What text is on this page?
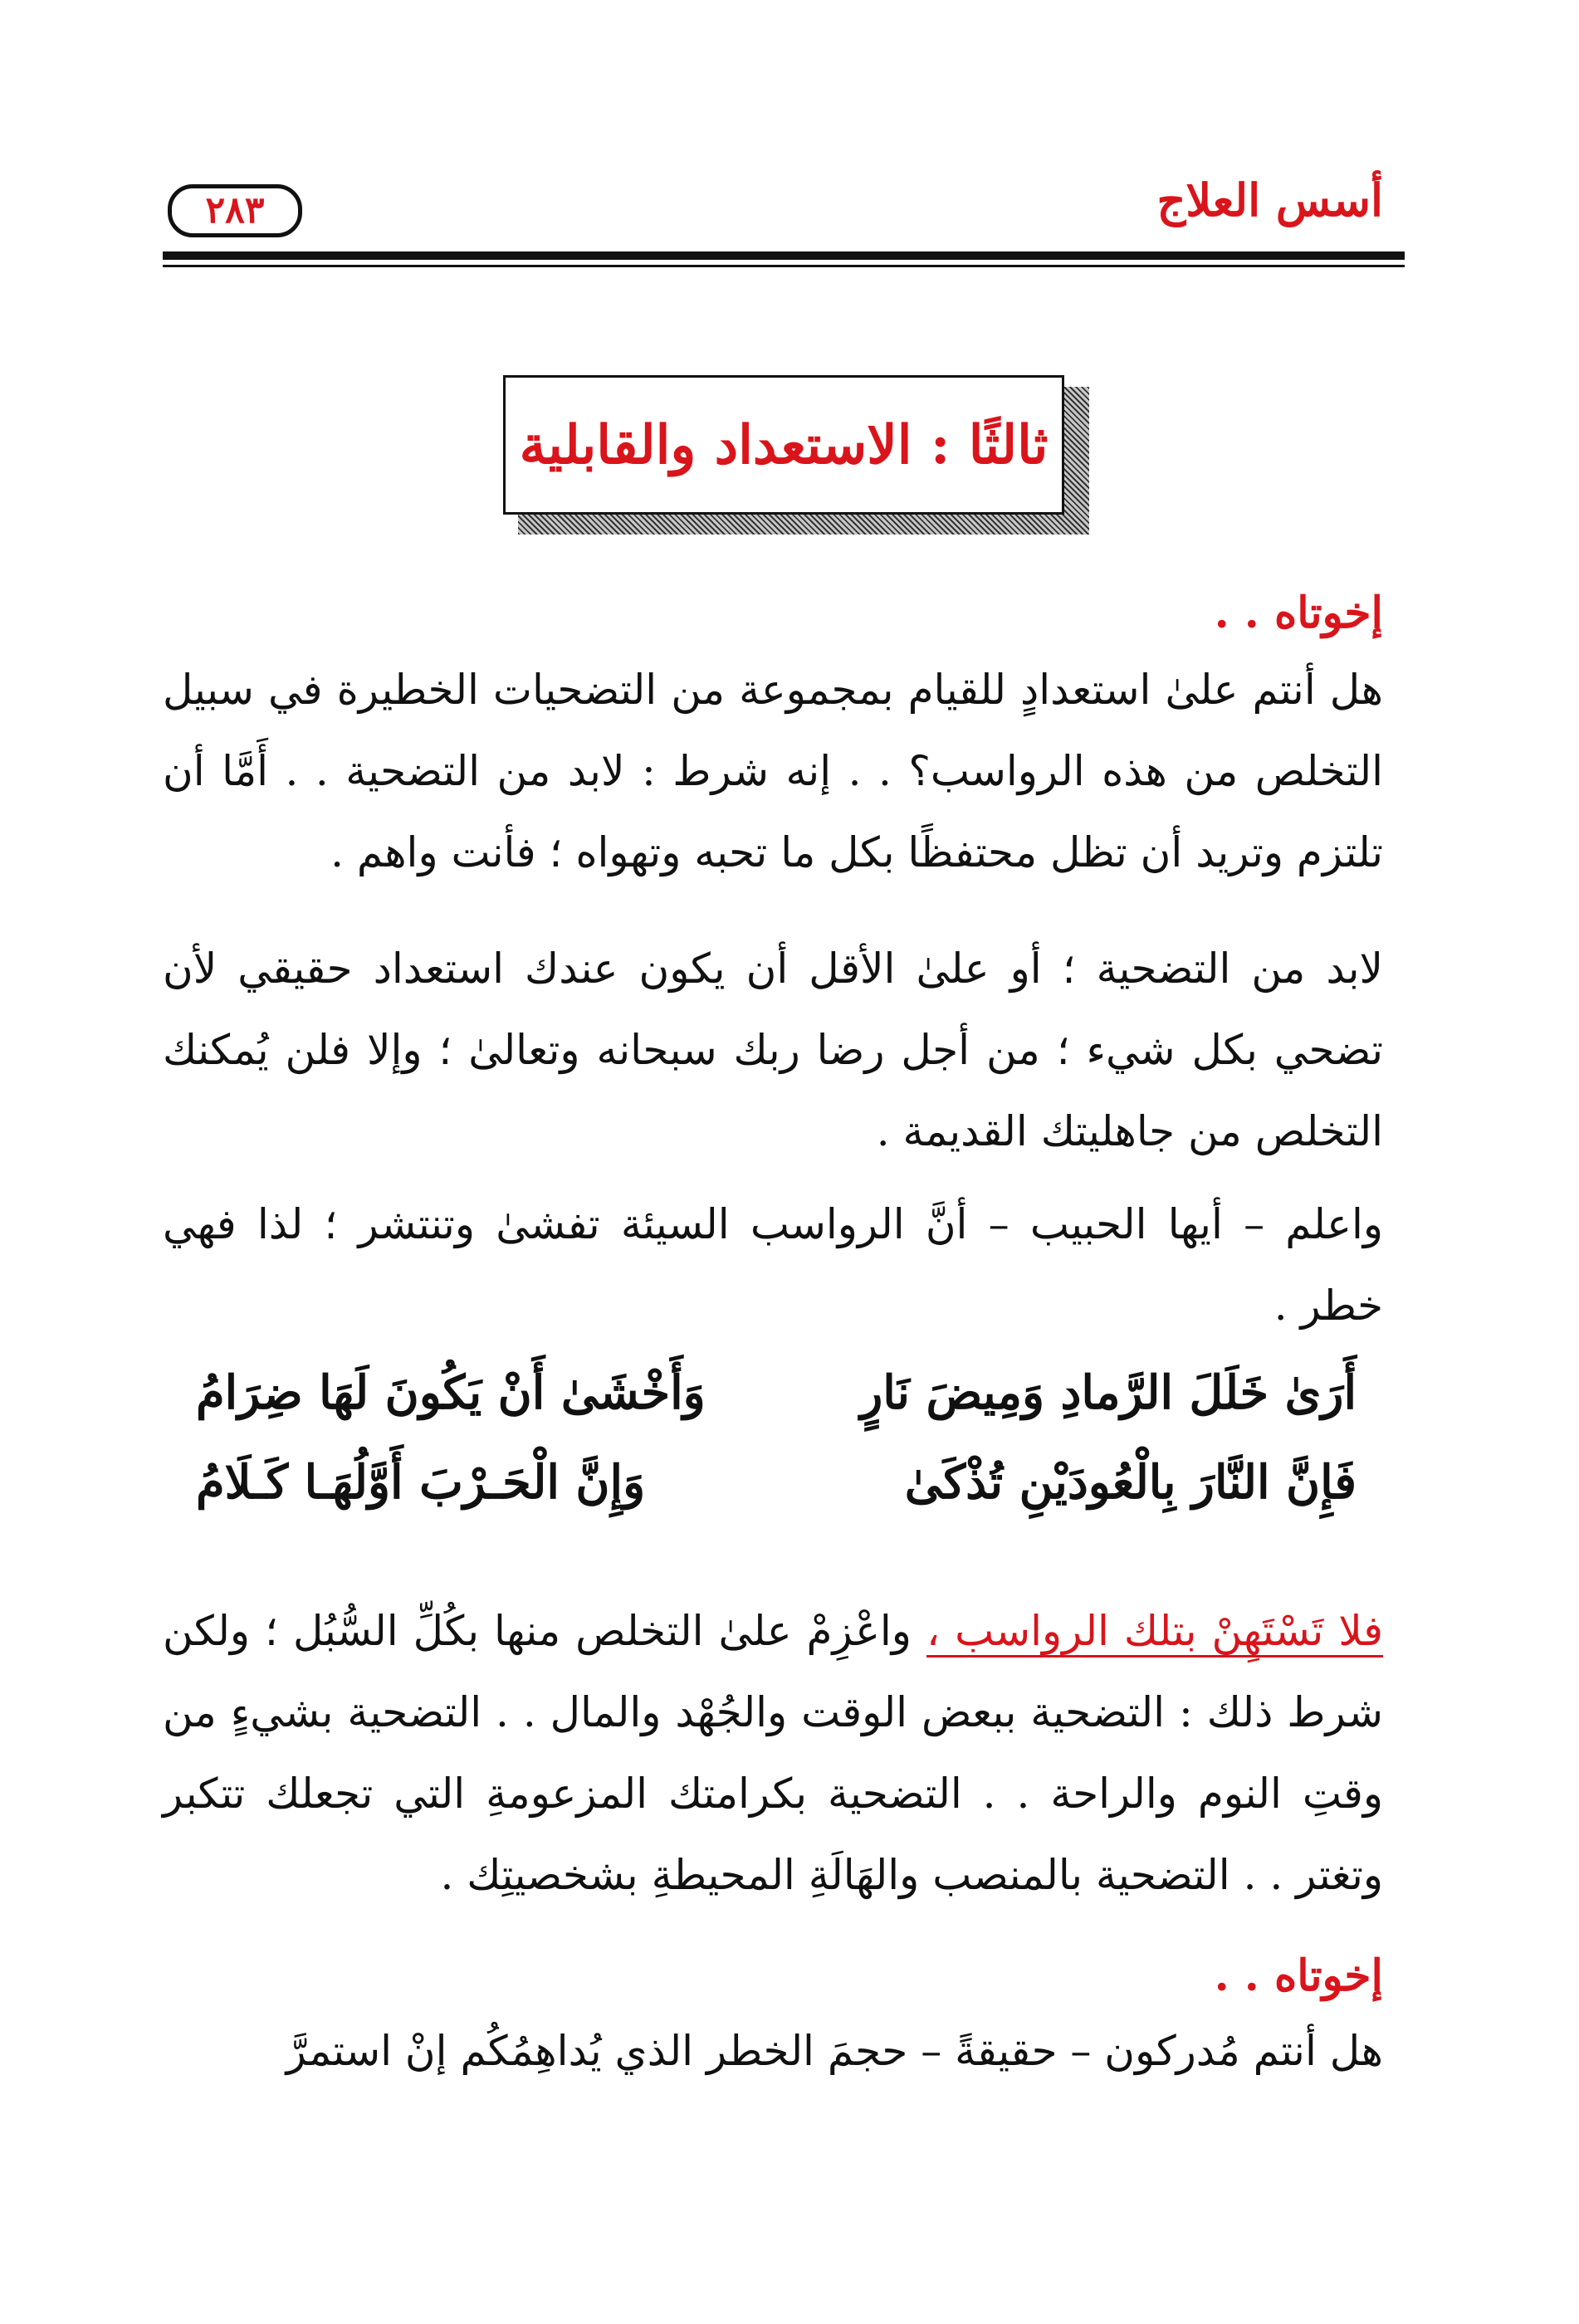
أسس العلاج
٢٨٣
ثالثًا : الاستعداد والقابلية
إخوتاه . .
هل أنتم علىٰ استعدادٍ للقيام بمجموعة من التضحيات الخطيرة في سبيل التخلص من هذه الرواسب؟ . . إنه شرط : لابد من التضحية . . أَمَّا أن تلتزم وتريد أن تظل محتفظًا بكل ما تحبه وتهواه ؛ فأنت واهم .
لابد من التضحية ؛ أو علىٰ الأقل أن يكون عندك استعداد حقيقي لأن تضحي بكل شيء ؛ من أجل رضا ربك سبحانه وتعالىٰ ؛ وإلا فلن يُمكنك التخلص من جاهليتك القديمة .
واعلم – أيها الحبيب – أنَّ الرواسب السيئة تفشىٰ وتنتشر ؛ لذا فهي خطر .
أَرَىٰ خَلَلَ الرَّمادِ وَمِيضَ نَارٍ
وَأَخْشَىٰ أَنْ يَكُونَ لَهَا ضِرَامُ
فَإِنَّ النَّارَ بِالْعُودَيْنِ تُذْكَىٰ
وَإِنَّ الْحَـرْبَ أَوَّلُهَـا كَـلَامُ
فلا تَسْتَهِنْ بتلك الرواسب ، واعْزِمْ علىٰ التخلص منها بكُلِّ السُّبُل ؛ ولكن شرط ذلك : التضحية ببعض الوقت والجُهْد والمال . . التضحية بشيءٍ من وقتِ النوم والراحة . . التضحية بكرامتك المزعومةِ التي تجعلك تتكبر وتغتر . . التضحية بالمنصب والهَالَةِ المحيطةِ بشخصيتِك .
إخوتاه . .
هل أنتم مُدركون – حقيقةً – حجمَ الخطر الذي يُداهِمُكُم إنْ استمرَّ
